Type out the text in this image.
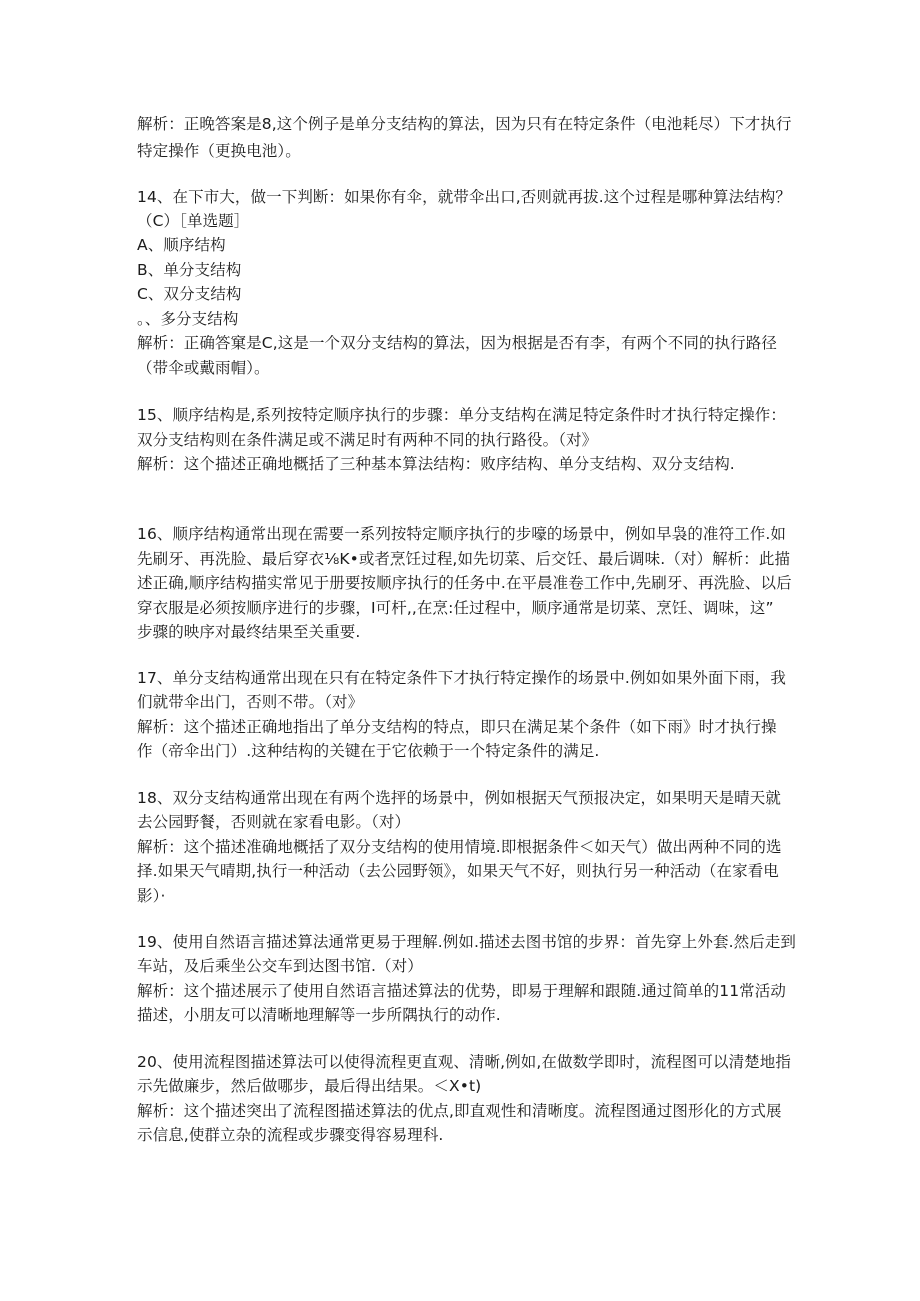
解析：正晚答案是8,这个例子是单分支结构的算法，因为只有在特定条件（电池耗尽）下才执行
特定操作（更换电池）。
14、在下市大，做一下判断：如果你有伞，就带伞出口,否则就再拔.这个过程是哪种算法结构？
（C）［单选题］
A、顺序结构
B、单分支结构
C、双分支结构
。、多分支结构
解析：正确答窠是C,这是一个双分支结构的算法，因为根据是否有李，有两个不同的执行路径
（带伞或戴雨帽）。
15、顺序结构是,系列按特定顺序执行的步骤：单分支结构在满足特定条件时才执行特定操作：
双分支结构则在条件满足或不满足时有两种不同的执行路役。（对》
解析：这个描述正确地概括了三种基本算法结构：败序结构、单分支结构、双分支结构.
16、顺序结构通常出现在需要一系列按特定顺序执行的步嚎的场景中，例如早袅的准符工作.如
先刷牙、再洗脸、最后穿衣⅛K•或者烹饪过程,如先切菜、后交饪、最后调味.（对）解析：此描
述正确,顺序结构描实常见于册要按顺序执行的任务中.在平晨准卷工作中,先刷牙、再洗脸、以后
穿衣服是必须按顺序进行的步骤，I可杆,,在烹:任过程中，顺序通常是切菜、烹饪、调味，这”
步骤的映序对最终结果至关重要.
17、单分支结构通常出现在只有在特定条件下才执行特定操作的场景中.例如如果外面下雨，我
们就带伞出门，否则不带。（对》
解析：这个描述正确地指出了单分支结构的特点，即只在满足某个条件（如下雨》时才执行操
作（帝伞出门）.这种结构的关键在于它依赖于一个特定条件的满足.
18、双分支结构通常出现在有两个选抨的场景中，例如根据天气预报决定，如果明天是晴天就
去公园野餐，否则就在家看电影。（对）
解析：这个描述准确地概括了双分支结构的使用情境.即根据条件＜如天气）做出两种不同的选
择.如果天气晴期,执行一种活动（去公园野领》，如果天气不好，则执行另一种活动（在家看电
影）·
19、使用自然语言描述算法通常更易于理解.例如.描述去图书馆的步界：首先穿上外套.然后走到
车站，及后乘坐公交车到达图书馆.（对）
解析：这个描述展示了使用自然语言描述算法的优势，即易于理解和跟随.通过简单的11常活动
描述，小朋友可以清晰地理解等一步所隅执行的动作.
20、使用流程图描述算法可以使得流程更直观、清晰,例如,在做数学即时，流程图可以清楚地指
示先做廉步，然后做哪步，最后得出结果。＜X•t)
解析：这个描述突出了流程图描述算法的优点,即直观性和清晰度。流程图通过图形化的方式展
示信息,使群立杂的流程或步骤变得容易理科.
